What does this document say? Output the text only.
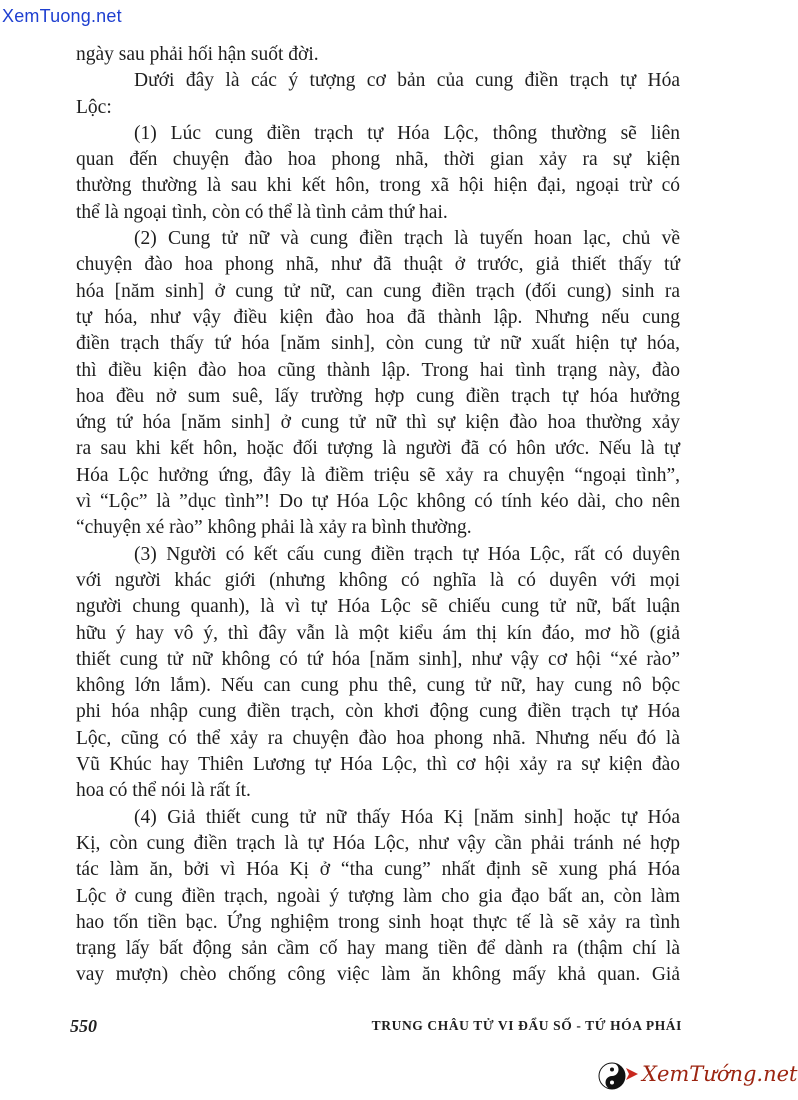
XemTuong.net
ngày sau phải hối hận suốt đời.
Dưới đây là các ý tượng cơ bản của cung điền trạch tự Hóa
Lộc:
(1) Lúc cung điền trạch tự Hóa Lộc, thông thường sẽ liên
quan đến chuyện đào hoa phong nhã, thời gian xảy ra sự kiện
thường thường là sau khi kết hôn, trong xã hội hiện đại, ngoại trừ có
thể là ngoại tình, còn có thể là tình cảm thứ hai.
(2) Cung tử nữ và cung điền trạch là tuyến hoan lạc, chủ về
chuyện đào hoa phong nhã, như đã thuật ở trước, giả thiết thấy tứ
hóa [năm sinh] ở cung tử nữ, can cung điền trạch (đối cung) sinh ra
tự hóa, như vậy điều kiện đào hoa đã thành lập. Nhưng nếu cung
điền trạch thấy tứ hóa [năm sinh], còn cung tử nữ xuất hiện tự hóa,
thì điều kiện đào hoa cũng thành lập. Trong hai tình trạng này, đào
hoa đều nở sum suê, lấy trường hợp cung điền trạch tự hóa hưởng
ứng tứ hóa [năm sinh] ở cung tử nữ thì sự kiện đào hoa thường xảy
ra sau khi kết hôn, hoặc đối tượng là người đã có hôn ước. Nếu là tự
Hóa Lộc hưởng ứng, đây là điềm triệu sẽ xảy ra chuyện “ngoại tình”,
vì “Lộc” là ”dục tình”! Do tự Hóa Lộc không có tính kéo dài, cho nên
“chuyện xé rào” không phải là xảy ra bình thường.
(3) Người có kết cấu cung điền trạch tự Hóa Lộc, rất có duyên
với người khác giới (nhưng không có nghĩa là có duyên với mọi
người chung quanh), là vì tự Hóa Lộc sẽ chiếu cung tử nữ, bất luận
hữu ý hay vô ý, thì đây vẫn là một kiểu ám thị kín đáo, mơ hồ (giả
thiết cung tử nữ không có tứ hóa [năm sinh], như vậy cơ hội “xé rào”
không lớn lắm). Nếu can cung phu thê, cung tử nữ, hay cung nô bộc
phi hóa nhập cung điền trạch, còn khơi động cung điền trạch tự Hóa
Lộc, cũng có thể xảy ra chuyện đào hoa phong nhã. Nhưng nếu đó là
Vũ Khúc hay Thiên Lương tự Hóa Lộc, thì cơ hội xảy ra sự kiện đào
hoa có thể nói là rất ít.
(4) Giả thiết cung tử nữ thấy Hóa Kị [năm sinh] hoặc tự Hóa
Kị, còn cung điền trạch là tự Hóa Lộc, như vậy cần phải tránh né hợp
tác làm ăn, bởi vì Hóa Kị ở “tha cung” nhất định sẽ xung phá Hóa
Lộc ở cung điền trạch, ngoài ý tượng làm cho gia đạo bất an, còn làm
hao tốn tiền bạc. Ứng nghiệm trong sinh hoạt thực tế là sẽ xảy ra tình
trạng lấy bất động sản cầm cố hay mang tiền để dành ra (thậm chí là
vay mượn) chèo chống công việc làm ăn không mấy khả quan. Giả
550	TRUNG CHÂU TỬ VI ĐẨU SỐ - TỨ HÓA PHÁI
XemTướng.net
